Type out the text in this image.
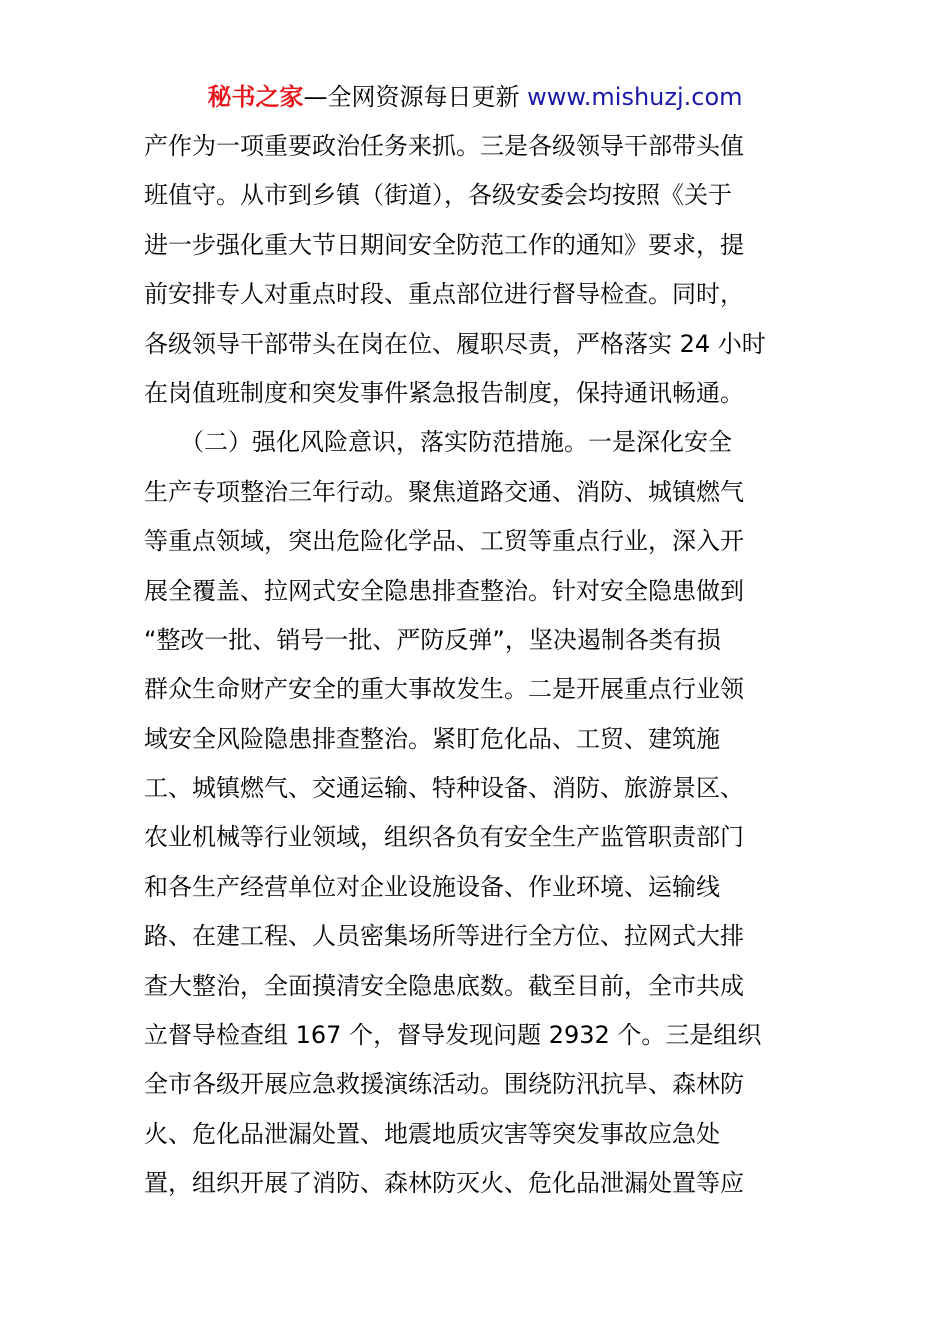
秘书之家—全网资源每日更新 www.mishuzj.com
产作为一项重要政治任务来抓。三是各级领导干部带头值
班值守。从市到乡镇（街道），各级安委会均按照《关于
进一步强化重大节日期间安全防范工作的通知》要求，提
前安排专人对重点时段、重点部位进行督导检查。同时，
各级领导干部带头在岗在位、履职尽责，严格落实 24 小时
在岗值班制度和突发事件紧急报告制度，保持通讯畅通。
　　（二）强化风险意识，落实防范措施。一是深化安全
生产专项整治三年行动。聚焦道路交通、消防、城镇燃气
等重点领域，突出危险化学品、工贸等重点行业，深入开
展全覆盖、拉网式安全隐患排查整治。针对安全隐患做到
“整改一批、销号一批、严防反弹”，坚决遏制各类有损
群众生命财产安全的重大事故发生。二是开展重点行业领
域安全风险隐患排查整治。紧盯危化品、工贸、建筑施
工、城镇燃气、交通运输、特种设备、消防、旅游景区、
农业机械等行业领域，组织各负有安全生产监管职责部门
和各生产经营单位对企业设施设备、作业环境、运输线
路、在建工程、人员密集场所等进行全方位、拉网式大排
查大整治，全面摸清安全隐患底数。截至目前，全市共成
立督导检查组 167 个，督导发现问题 2932 个。三是组织
全市各级开展应急救援演练活动。围绕防汛抗旱、森林防
火、危化品泄漏处置、地震地质灾害等突发事故应急处
置，组织开展了消防、森林防灭火、危化品泄漏处置等应
